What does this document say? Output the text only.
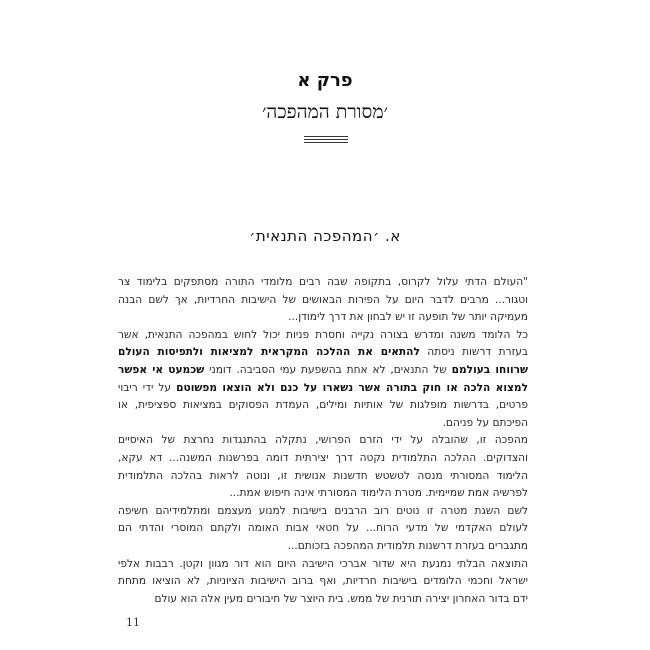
פרק א
׳מסורת המהפכה׳
א. ׳המהפכה התנאית׳
"העולם הדתי עלול לקרוס, בתקופה שבה רבים מלומדי התורה מסתפקים בלימוד צר
וטגור... מרבים לדבר היום על הפירות הבאושים של הישיבות החרדיות, אך לשם הבנה
מעמיקה יותר של תופעה זו יש לבחון את דרך לימודן...
כל הלומד משנה ומדרש בצורה נקייה וחסרת פניות יכול לחוש במהפכה התנאית, אשר
בעזרת דרשות ניסתה להתאים את ההלכה המקראית למציאות ולתפיסות העולם
שרווחו בעולמם של התנאים, לא אחת בהשפעת עמי הסביבה. דומני שכמעט אי אפשר
למצוא הלכה או חוק בתורה אשר נשארו על כנם ולא הוצאו מפשוטם על ידי ריבוי
פרטים, בדרשות מופלגות של אותיות ומילים, העמדת הפסוקים במציאות ספציפית, או
הפיכתם על פניהם.
מהפכה זו, שהובלה על ידי הזרם הפרושי, נתקלה בהתנגדות נחרצת של האיסיים
והצדוקים. ההלכה התלמודית נקטה דרך יצירתית דומה בפרשנות המשנה... דא עקא,
הלימוד המסורתי מנסה לטשטש חדשנות אנושית זו, ונוטה לראות בהלכה התלמודית
לפרשיה אמת שמיימית. מטרת הלימוד המסורתי אינה חיפוש אמת...
לשם השגת מטרה זו נוטים רוב הרבנים בישיבות למנוע מעצמם ומתלמידיהם חשיפה
לעולם האקדמי של מדעי הרוח... על חטאי אבות האומה ולקתם המוסרי והדתי הם
מתגברים בעזרת דרשנות תלמודית המהפכה בזכותם...
התוצאה הבלתי נמנעת היא שדור אברכי הישיבה היום הוא דור מגוון וקטן. רבבות אלפי
ישראל וחכמי הלומדים בישיבות חרדיות, ואף ברוב הישיבות הציוניות, לא הוציאו מתחת
ידם בדור האחרון יצירה תורנית של ממש. בית היוצר של חיבורים מעין אלה הוא עולם
11
